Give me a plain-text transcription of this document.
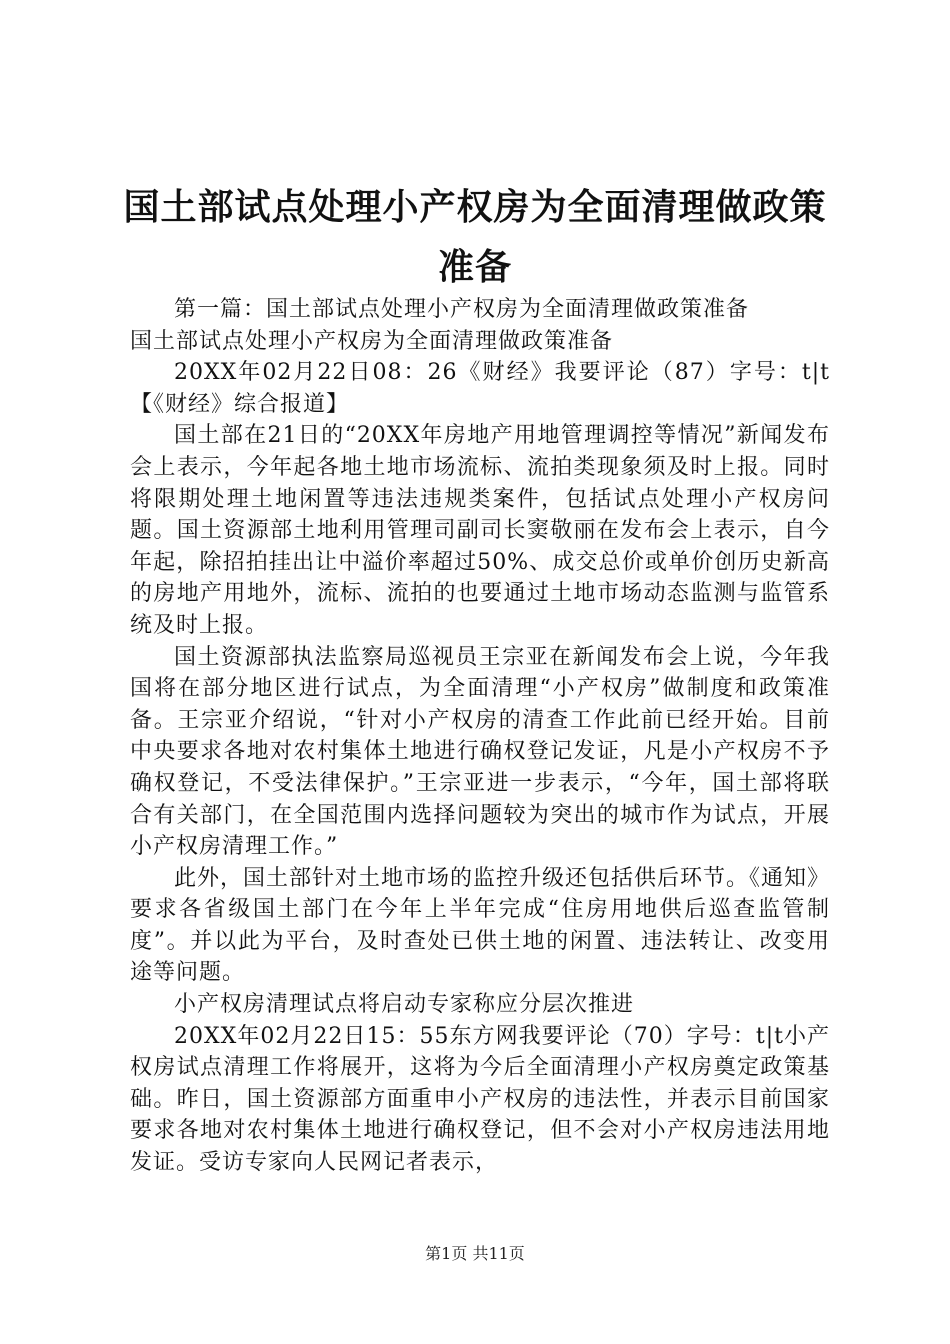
国土部试点处理小产权房为全面清理做政策准备

第一篇：国土部试点处理小产权房为全面清理做政策准备

国土部试点处理小产权房为全面清理做政策准备

20XX年02月22日08：26《财经》我要评论（87）字号：t|t【《财经》综合报道】

国土部在21日的“20XX年房地产用地管理调控等情况”新闻发布会上表示，今年起各地土地市场流标、流拍类现象须及时上报。同时将限期处理土地闲置等违法违规类案件，包括试点处理小产权房问题。国土资源部土地利用管理司副司长窦敬丽在发布会上表示，自今年起，除招拍挂出让中溢价率超过50%、成交总价或单价创历史新高的房地产用地外，流标、流拍的也要通过土地市场动态监测与监管系统及时上报。

国土资源部执法监察局巡视员王宗亚在新闻发布会上说，今年我国将在部分地区进行试点，为全面清理“小产权房”做制度和政策准备。王宗亚介绍说，“针对小产权房的清查工作此前已经开始。目前中央要求各地对农村集体土地进行确权登记发证，凡是小产权房不予确权登记，不受法律保护。”王宗亚进一步表示，“今年，国土部将联合有关部门，在全国范围内选择问题较为突出的城市作为试点，开展小产权房清理工作。”

此外，国土部针对土地市场的监控升级还包括供后环节。《通知》要求各省级国土部门在今年上半年完成“住房用地供后巡查监管制度”。并以此为平台，及时查处已供土地的闲置、违法转让、改变用途等问题。

小产权房清理试点将启动专家称应分层次推进

20XX年02月22日15：55东方网我要评论（70）字号：t|t小产权房试点清理工作将展开，这将为今后全面清理小产权房奠定政策基础。昨日，国土资源部方面重申小产权房的违法性，并表示目前国家要求各地对农村集体土地进行确权登记，但不会对小产权房违法用地发证。受访专家向人民网记者表示，

第1页 共11页
